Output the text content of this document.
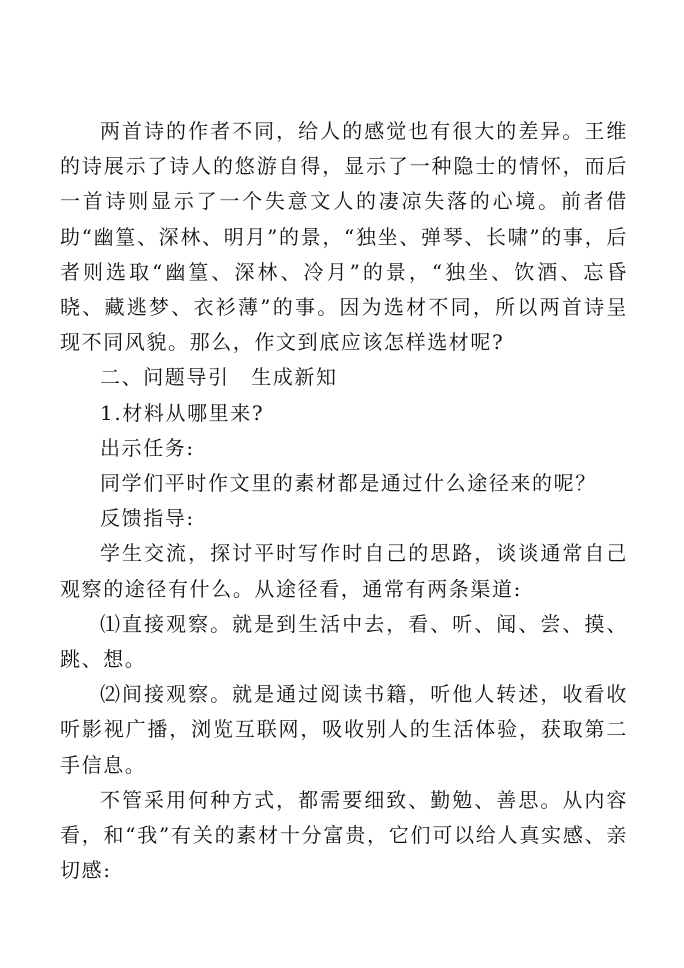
两首诗的作者不同，给人的感觉也有很大的差异。王维的诗展示了诗人的悠游自得，显示了一种隐士的情怀，而后一首诗则显示了一个失意文人的凄凉失落的心境。前者借助“幽篁、深林、明月”的景，“独坐、弹琴、长啸”的事，后者则选取“幽篁、深林、冷月”的景，“独坐、饮酒、忘昏晓、藏逃梦、衣衫薄”的事。因为选材不同，所以两首诗呈现不同风貌。那么，作文到底应该怎样选材呢?

二、问题导引　生成新知

1.材料从哪里来?

出示任务:

同学们平时作文里的素材都是通过什么途径来的呢？

反馈指导:

学生交流，探讨平时写作时自己的思路，谈谈通常自己观察的途径有什么。从途径看，通常有两条渠道:

⑴直接观察。就是到生活中去，看、听、闻、尝、摸、跳、想。

⑵间接观察。就是通过阅读书籍，听他人转述，收看收听影视广播，浏览互联网，吸收别人的生活体验，获取第二手信息。

不管采用何种方式，都需要细致、勤勉、善思。从内容看，和“我”有关的素材十分富贵，它们可以给人真实感、亲切感:
